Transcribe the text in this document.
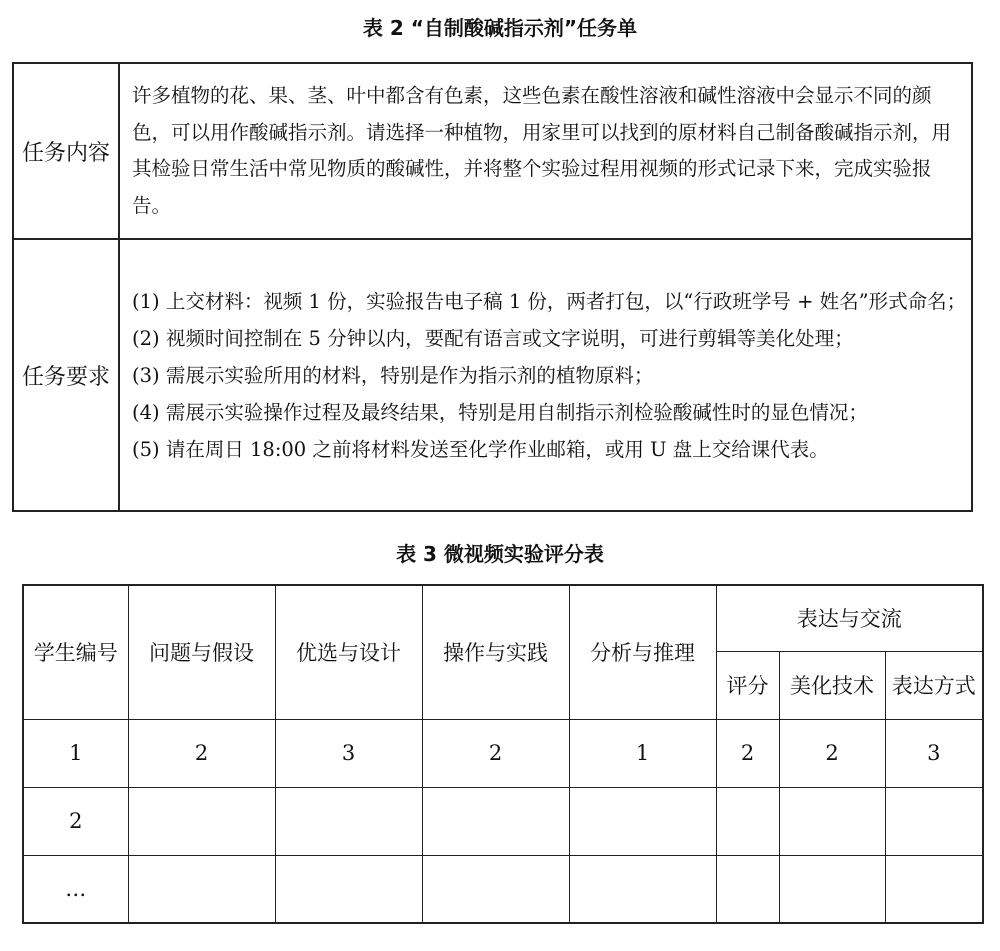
表 2 “自制酸碱指示剂”任务单
任务内容	许多植物的花、果、茎、叶中都含有色素，这些色素在酸性溶液和碱性溶液中会显示不同的颜色，可以用作酸碱指示剂。请选择一种植物，用家里可以找到的原材料自己制备酸碱指示剂，用其检验日常生活中常见物质的酸碱性，并将整个实验过程用视频的形式记录下来，完成实验报告。
任务要求	(1) 上交材料：视频 1 份，实验报告电子稿 1 份，两者打包，以“行政班学号 + 姓名”形式命名；
(2) 视频时间控制在 5 分钟以内，要配有语言或文字说明，可进行剪辑等美化处理；
(3) 需展示实验所用的材料，特别是作为指示剂的植物原料；
(4) 需展示实验操作过程及最终结果，特别是用自制指示剂检验酸碱性时的显色情况；
(5) 请在周日 18:00 之前将材料发送至化学作业邮箱，或用 U 盘上交给课代表。
表 3 微视频实验评分表
学生编号	问题与假设	优选与设计	操作与实践	分析与推理	表达与交流		
					评分	美化技术	表达方式
1	2	3	2	1	2	2	3
2							
…							
